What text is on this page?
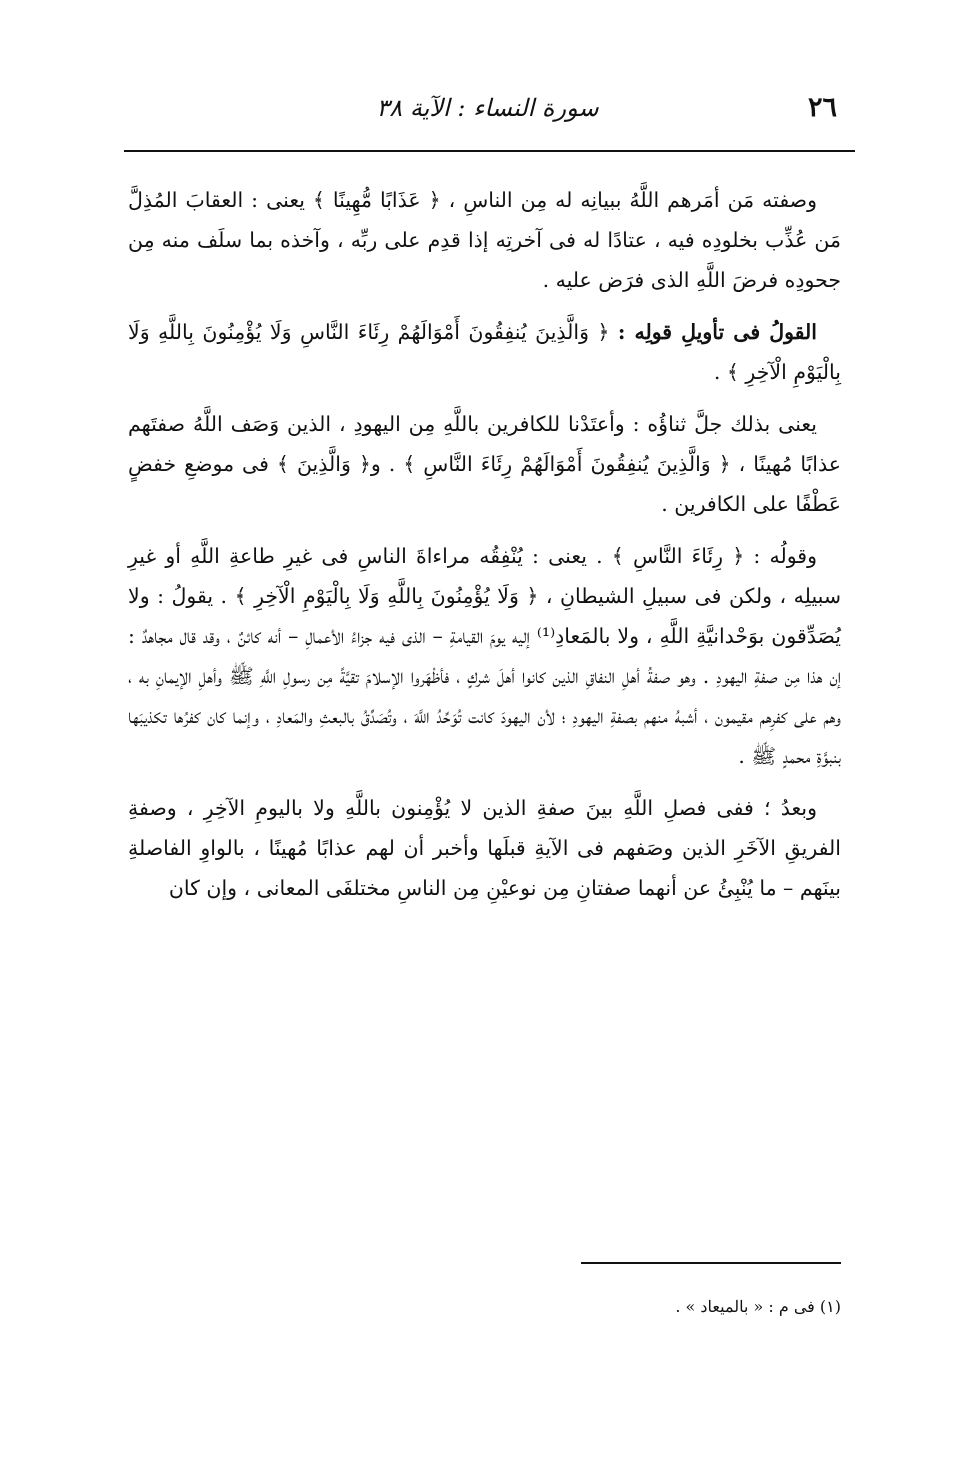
٢٦
سورة النساء : الآية ٣٨

وصفته مَن أمَرهم اللَّهُ ببيانِه له مِن الناسِ ، ﴿ عَذَابًا مُّهِينًا ﴾ يعنى : العقابَ المُذِلَّ مَن عُذِّب بخلودِه فيه ، عتادًا له فى آخرتِه إذا قدِم على ربِّه ، وآخذه بما سلَف منه مِن جحودِه فرضَ اللَّهِ الذى فرَض عليه .

القولُ فى تأويلِ قولِه : ﴿ وَالَّذِينَ يُنفِقُونَ أَمْوَالَهُمْ رِئَاءَ النَّاسِ وَلَا يُؤْمِنُونَ بِاللَّهِ وَلَا بِالْيَوْمِ الْآخِرِ ﴾ .

يعنى بذلك جلَّ ثناؤُه : وأعتَدْنا للكافرين باللَّهِ مِن اليهودِ ، الذين وَصَف اللَّهُ صفتَهم عذابًا مُهينًا ، ﴿ وَالَّذِينَ يُنفِقُونَ أَمْوَالَهُمْ رِئَاءَ النَّاسِ ﴾ . و﴿ وَالَّذِينَ ﴾ فى موضعِ خفضٍ عَطْفًا على الكافرين .

وقولُه : ﴿ رِئَاءَ النَّاسِ ﴾ . يعنى : يُنْفِقُه مراءاةَ الناسِ فى غيرِ طاعةِ اللَّهِ أو غيرِ سبيلِه ، ولكن فى سبيلِ الشيطانِ ، ﴿ وَلَا يُؤْمِنُونَ بِاللَّهِ وَلَا بِالْيَوْمِ الْآخِرِ ﴾ . يقولُ : ولا يُصَدِّقون بوَحْدانيَّةِ اللَّهِ ، ولا بالمَعادِ⁽¹⁾ إليه يومَ القيامةِ – الذى فيه جزاءُ الأعمالِ – أنه كائنٌ ، وقد قال مجاهدٌ : إن هذا مِن صفةِ اليهودِ . وهو صفةُ أهلِ النفاقِ الذين كانوا أهلَ شركٍ ، فأظْهَروا الإسلامَ تقيَّةً مِن رسولِ اللَّهِ ﷺ وأهلِ الإيمانِ به ، وهم على كفرِهم مقيمون ، أشبهُ منهم بصفةِ اليهودِ ؛ لأن اليهودَ كانت تُوَحِّدُ اللَّهَ ، وتُصَدِّقُ بالبعثِ والمَعادِ ، وإنما كان كفرُها تكذيبَها بنبوَّةِ محمدٍ ﷺ .

وبعدُ ؛ ففى فصلِ اللَّهِ بينَ صفةِ الذين لا يُؤْمِنون باللَّهِ ولا باليومِ الآخِرِ ، وصفةِ الفريقِ الآخَرِ الذين وصَفهم فى الآيةِ قبلَها وأخبر أن لهم عذابًا مُهينًا ، بالواوِ الفاصلةِ بينَهم – ما يُنْبِئُ عن أنهما صفتانِ مِن نوعيْنِ مِن الناسِ مختلفَى المعانى ، وإن كان

(١) فى م : « بالميعاد » .
